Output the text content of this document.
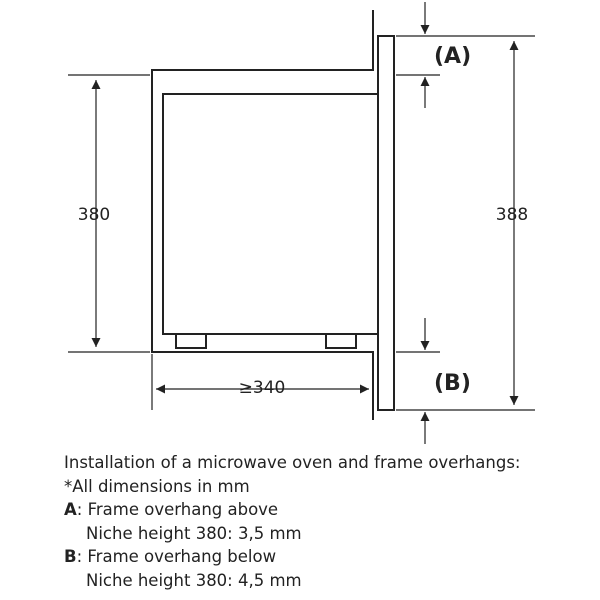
380
≥340
(A)
(B)
388
Installation of a microwave oven and frame overhangs:
*All dimensions in mm
A: Frame overhang above
Niche height 380: 3,5 mm
B: Frame overhang below
Niche height 380: 4,5 mm
